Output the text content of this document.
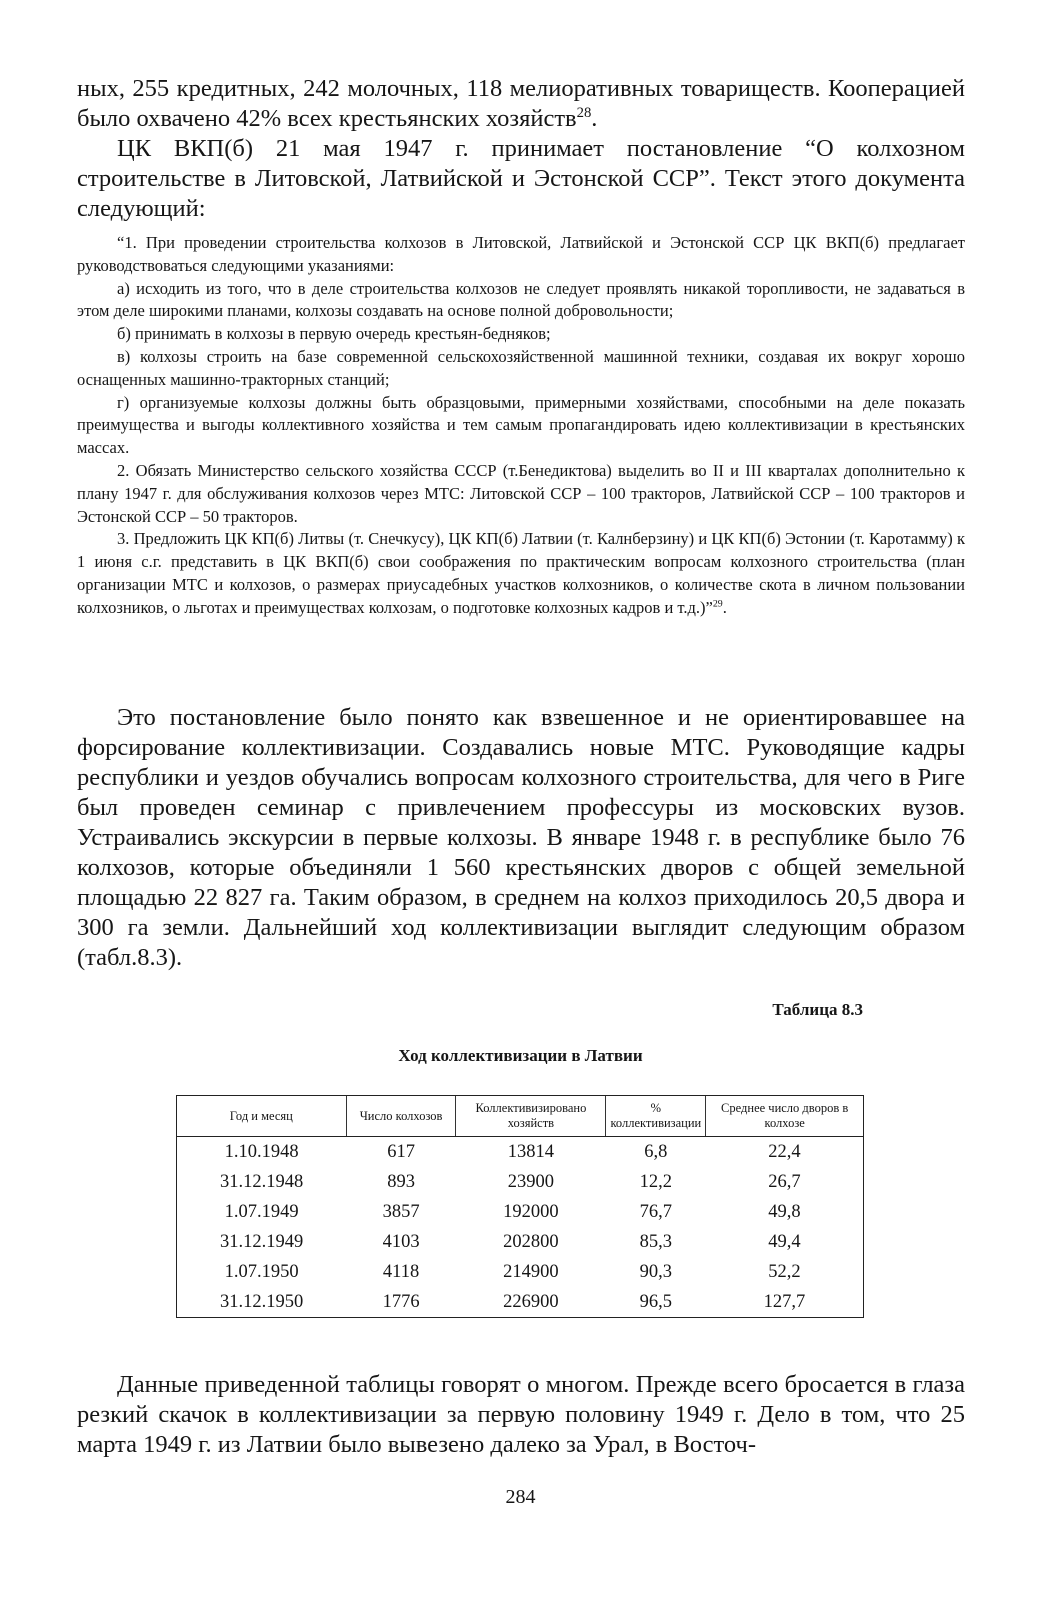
ных, 255 кредитных, 242 молочных, 118 мелиоративных товариществ. Кооперацией было охвачено 42% всех крестьянских хозяйств$^{28}$.

ЦК ВКП(б) 21 мая 1947 г. принимает постановление “О колхозном строительстве в Литовской, Латвийской и Эстонской ССР”. Текст этого документа следующий:

“1. При проведении строительства колхозов в Литовской, Латвийской и Эстонской ССР ЦК ВКП(б) предлагает руководствоваться следующими указаниями:

а) исходить из того, что в деле строительства колхозов не следует проявлять никакой торопливости, не задаваться в этом деле широкими планами, колхозы создавать на основе полной добровольности;

б) принимать в колхозы в первую очередь крестьян-бедняков;

в) колхозы строить на базе современной сельскохозяйственной машинной техники, создавая их вокруг хорошо оснащенных машинно-тракторных станций;

г) организуемые колхозы должны быть образцовыми, примерными хозяйствами, способными на деле показать преимущества и выгоды коллективного хозяйства и тем самым пропагандировать идею коллективизации в крестьянских массах.

2. Обязать Министерство сельского хозяйства СССР (т.Бенедиктова) выделить во II и III кварталах дополнительно к плану 1947 г. для обслуживания колхозов через МТС: Литовской ССР – 100 тракторов, Латвийской ССР – 100 тракторов и Эстонской ССР – 50 тракторов.

3. Предложить ЦК КП(б) Литвы (т. Снечкусу), ЦК КП(б) Латвии (т. Калнберзину) и ЦК КП(б) Эстонии (т. Каротамму) к 1 июня с.г. представить в ЦК ВКП(б) свои соображения по практическим вопросам колхозного строительства (план организации МТС и колхозов, о размерах приусадебных участков колхозников, о количестве скота в личном пользовании колхозников, о льготах и преимуществах колхозам, о подготовке колхозных кадров и т.д.)”$^{29}$.

Это постановление было понято как взвешенное и не ориентировавшее на форсирование коллективизации. Создавались новые МТС. Руководящие кадры республики и уездов обучались вопросам колхозного строительства, для чего в Риге был проведен семинар с привлечением профессуры из московских вузов. Устраивались экскурсии в первые колхозы. В январе 1948 г. в республике было 76 колхозов, которые объединяли 1 560 крестьянских дворов с общей земельной площадью 22 827 га. Таким образом, в среднем на колхоз приходилось 20,5 двора и 300 га земли. Дальнейший ход коллективизации выглядит следующим образом (табл.8.3).

Таблица 8.3
Ход коллективизации в Латвии
Год и месяц	Число колхозов	Коллективизировано хозяйств	% коллективизации	Среднее число дворов в колхозе
1.10.1948	617	13814	6,8	22,4
31.12.1948	893	23900	12,2	26,7
1.07.1949	3857	192000	76,7	49,8
31.12.1949	4103	202800	85,3	49,4
1.07.1950	4118	214900	90,3	52,2
31.12.1950	1776	226900	96,5	127,7

Данные приведенной таблицы говорят о многом. Прежде всего бросается в глаза резкий скачок в коллективизации за первую половину 1949 г. Дело в том, что 25 марта 1949 г. из Латвии было вывезено далеко за Урал, в Восточ-

284
